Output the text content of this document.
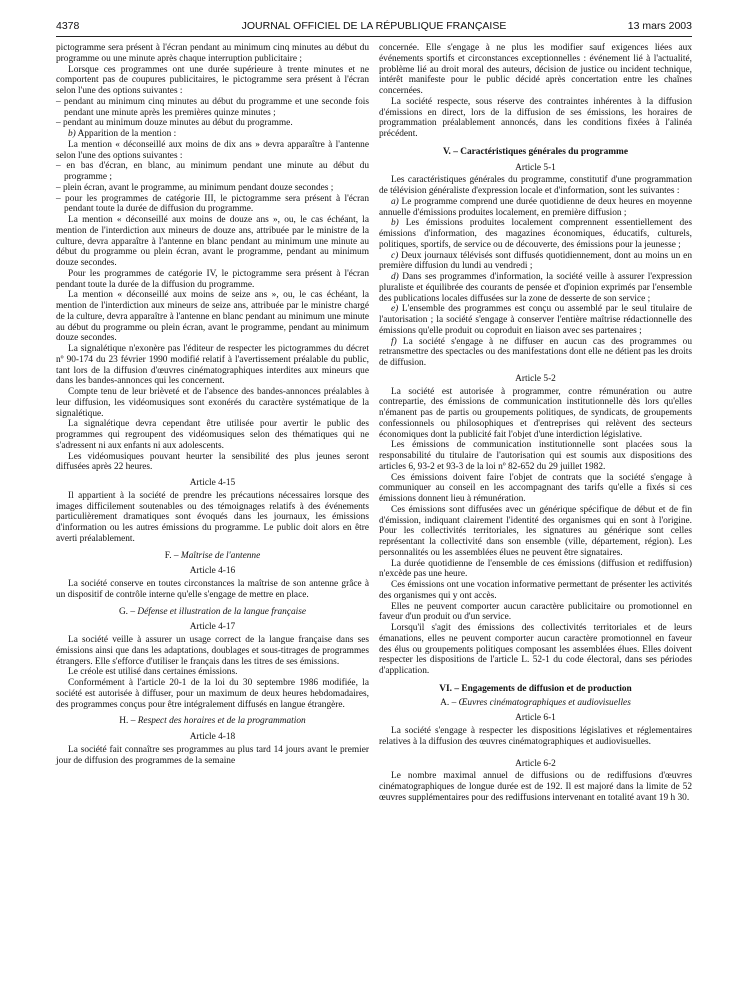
4378	JOURNAL OFFICIEL DE LA RÉPUBLIQUE FRANÇAISE	13 mars 2003

pictogramme sera présent à l'écran pendant au minimum cinq minutes au début du programme ou une minute après chaque interruption publicitaire ;

Lorsque ces programmes ont une durée supérieure à trente minutes et ne comportent pas de coupures publicitaires, le pictogramme sera présent à l'écran selon l'une des options suivantes :

– pendant au minimum cinq minutes au début du programme et une seconde fois pendant une minute après les premières quinze minutes ;

– pendant au minimum douze minutes au début du programme.

b) Apparition de la mention :

La mention « déconseillé aux moins de dix ans » devra apparaître à l'antenne selon l'une des options suivantes :

– en bas d'écran, en blanc, au minimum pendant une minute au début du programme ;

– plein écran, avant le programme, au minimum pendant douze secondes ;

– pour les programmes de catégorie III, le pictogramme sera présent à l'écran pendant toute la durée de diffusion du programme.

La mention « déconseillé aux moins de douze ans », ou, le cas échéant, la mention de l'interdiction aux mineurs de douze ans, attribuée par le ministre de la culture, devra apparaître à l'antenne en blanc pendant au minimum une minute au début du programme ou plein écran, avant le programme, pendant au minimum douze secondes.

Pour les programmes de catégorie IV, le pictogramme sera présent à l'écran pendant toute la durée de la diffusion du programme.

La mention « déconseillé aux moins de seize ans », ou, le cas échéant, la mention de l'interdiction aux mineurs de seize ans, attribuée par le ministre chargé de la culture, devra apparaître à l'antenne en blanc pendant au minimum une minute au début du programme ou plein écran, avant le programme, pendant au minimum douze secondes.

La signalétique n'exonère pas l'éditeur de respecter les pictogrammes du décret nº 90-174 du 23 février 1990 modifié relatif à l'avertissement préalable du public, tant lors de la diffusion d'œuvres cinématographiques interdites aux mineurs que dans les bandes-annonces qui les concernent.

Compte tenu de leur brièveté et de l'absence des bandes-annonces préalables à leur diffusion, les vidéomusiques sont exonérés du caractère systématique de la signalétique.

La signalétique devra cependant être utilisée pour avertir le public des programmes qui regroupent des vidéomusiques selon des thématiques qui ne s'adressent ni aux enfants ni aux adolescents.

Les vidéomusiques pouvant heurter la sensibilité des plus jeunes seront diffusées après 22 heures.

Article 4-15

Il appartient à la société de prendre les précautions nécessaires lorsque des images difficilement soutenables ou des témoignages relatifs à des événements particulièrement dramatiques sont évoqués dans les journaux, les émissions d'information ou les autres émissions du programme. Le public doit alors en être averti préalablement.

F. – Maîtrise de l'antenne

Article 4-16

La société conserve en toutes circonstances la maîtrise de son antenne grâce à un dispositif de contrôle interne qu'elle s'engage de mettre en place.

G. – Défense et illustration de la langue française

Article 4-17

La société veille à assurer un usage correct de la langue française dans ses émissions ainsi que dans les adaptations, doublages et sous-titrages de programmes étrangers. Elle s'efforce d'utiliser le français dans les titres de ses émissions.

Le créole est utilisé dans certaines émissions.

Conformément à l'article 20-1 de la loi du 30 septembre 1986 modifiée, la société est autorisée à diffuser, pour un maximum de deux heures hebdomadaires, des programmes conçus pour être intégralement diffusés en langue étrangère.

H. – Respect des horaires et de la programmation

Article 4-18

La société fait connaître ses programmes au plus tard 14 jours avant le premier jour de diffusion des programmes de la semaine

concernée. Elle s'engage à ne plus les modifier sauf exigences liées aux événements sportifs et circonstances exceptionnelles : événement lié à l'actualité, problème lié au droit moral des auteurs, décision de justice ou incident technique, intérêt manifeste pour le public décidé après concertation entre les chaînes concernées.

La société respecte, sous réserve des contraintes inhérentes à la diffusion d'émissions en direct, lors de la diffusion de ses émissions, les horaires de programmation préalablement annoncés, dans les conditions fixées à l'alinéa précédent.

V. – Caractéristiques générales du programme

Article 5-1

Les caractéristiques générales du programme, constitutif d'une programmation de télévision généraliste d'expression locale et d'information, sont les suivantes :

a) Le programme comprend une durée quotidienne de deux heures en moyenne annuelle d'émissions produites localement, en première diffusion ;

b) Les émissions produites localement comprennent essentiellement des émissions d'information, des magazines économiques, éducatifs, culturels, politiques, sportifs, de service ou de découverte, des émissions pour la jeunesse ;

c) Deux journaux télévisés sont diffusés quotidiennement, dont au moins un en première diffusion du lundi au vendredi ;

d) Dans ses programmes d'information, la société veille à assurer l'expression pluraliste et équilibrée des courants de pensée et d'opinion exprimés par l'ensemble des publications locales diffusées sur la zone de desserte de son service ;

e) L'ensemble des programmes est conçu ou assemblé par le seul titulaire de l'autorisation ; la société s'engage à conserver l'entière maîtrise rédactionnelle des émissions qu'elle produit ou coproduit en liaison avec ses partenaires ;

f) La société s'engage à ne diffuser en aucun cas des programmes ou retransmettre des spectacles ou des manifestations dont elle ne détient pas les droits de diffusion.

Article 5-2

La société est autorisée à programmer, contre rémunération ou autre contrepartie, des émissions de communication institutionnelle dès lors qu'elles n'émanent pas de partis ou groupements politiques, de syndicats, de groupements confessionnels ou philosophiques et d'entreprises qui relèvent des secteurs économiques dont la publicité fait l'objet d'une interdiction législative.

Les émissions de communication institutionnelle sont placées sous la responsabilité du titulaire de l'autorisation qui est soumis aux dispositions des articles 6, 93-2 et 93-3 de la loi nº 82-652 du 29 juillet 1982.

Ces émissions doivent faire l'objet de contrats que la société s'engage à communiquer au conseil en les accompagnant des tarifs qu'elle a fixés si ces émissions donnent lieu à rémunération.

Ces émissions sont diffusées avec un générique spécifique de début et de fin d'émission, indiquant clairement l'identité des organismes qui en sont à l'origine. Pour les collectivités territoriales, les signatures au générique sont celles représentant la collectivité dans son ensemble (ville, département, région). Les personnalités ou les assemblées élues ne peuvent être signataires.

La durée quotidienne de l'ensemble de ces émissions (diffusion et rediffusion) n'excède pas une heure.

Ces émissions ont une vocation informative permettant de présenter les activités des organismes qui y ont accès.

Elles ne peuvent comporter aucun caractère publicitaire ou promotionnel en faveur d'un produit ou d'un service.

Lorsqu'il s'agit des émissions des collectivités territoriales et de leurs émanations, elles ne peuvent comporter aucun caractère promotionnel en faveur des élus ou groupements politiques composant les assemblées élues. Elles doivent respecter les dispositions de l'article L. 52-1 du code électoral, dans ses périodes d'application.

VI. – Engagements de diffusion et de production

A. – Œuvres cinématographiques et audiovisuelles

Article 6-1

La société s'engage à respecter les dispositions législatives et réglementaires relatives à la diffusion des œuvres cinématographiques et audiovisuelles.

Article 6-2

Le nombre maximal annuel de diffusions ou de rediffusions d'œuvres cinématographiques de longue durée est de 192. Il est majoré dans la limite de 52 œuvres supplémentaires pour des rediffusions intervenant en totalité avant 19 h 30.
